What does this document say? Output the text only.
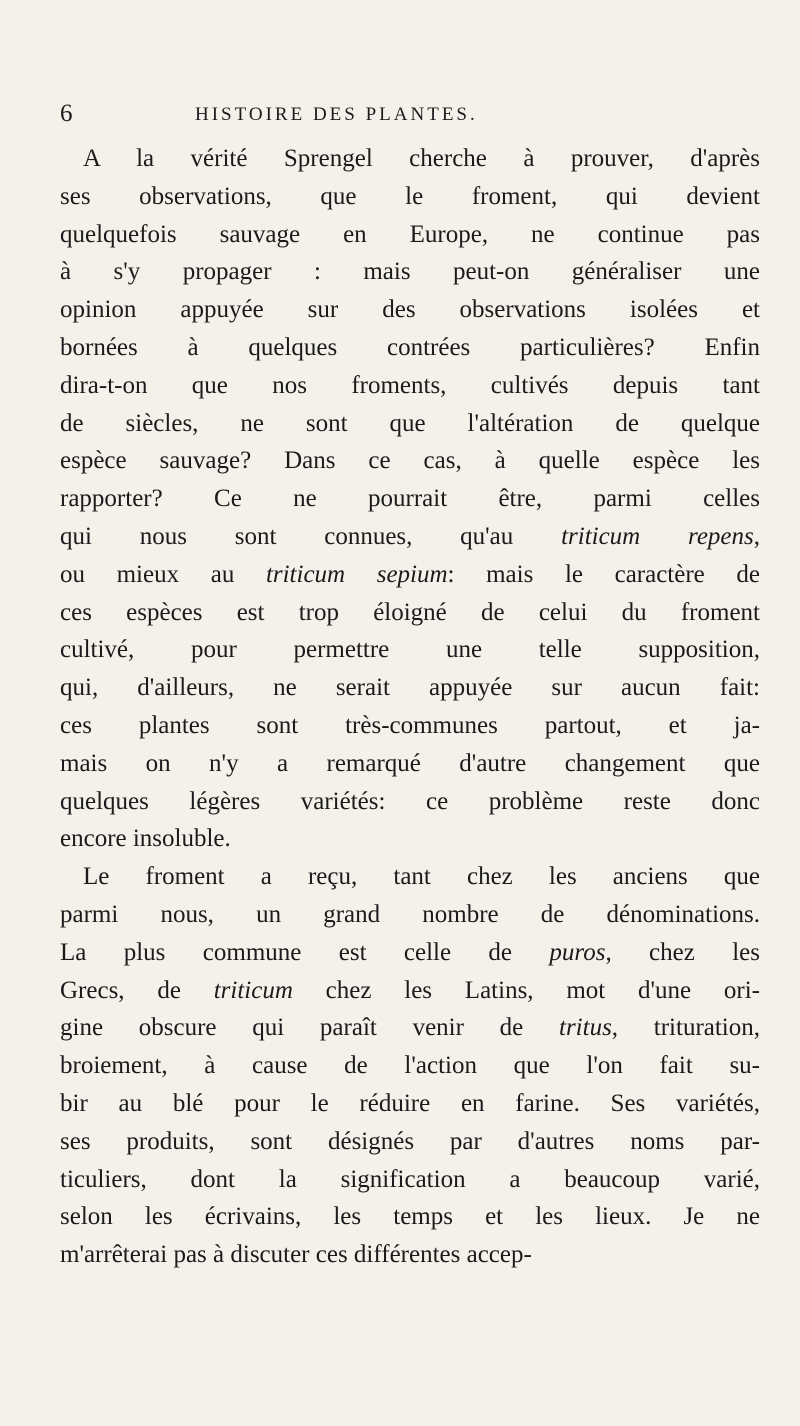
6	HISTOIRE DES PLANTES.
A la vérité Sprengel cherche à prouver, d'après
ses observations, que le froment, qui devient
quelquefois sauvage en Europe, ne continue pas
à s'y propager : mais peut-on généraliser une
opinion appuyée sur des observations isolées et
bornées à quelques contrées particulières? Enfin
dira-t-on que nos froments, cultivés depuis tant
de siècles, ne sont que l'altération de quelque
espèce sauvage? Dans ce cas, à quelle espèce les
rapporter? Ce ne pourrait être, parmi celles
qui nous sont connues, qu'au triticum repens,
ou mieux au triticum sepium: mais le caractère de
ces espèces est trop éloigné de celui du froment
cultivé, pour permettre une telle supposition,
qui, d'ailleurs, ne serait appuyée sur aucun fait:
ces plantes sont très-communes partout, et ja-
mais on n'y a remarqué d'autre changement que
quelques légères variétés: ce problème reste donc
encore insoluble.
Le froment a reçu, tant chez les anciens que
parmi nous, un grand nombre de dénominations.
La plus commune est celle de puros, chez les
Grecs, de triticum chez les Latins, mot d'une ori-
gine obscure qui paraît venir de tritus, trituration,
broiement, à cause de l'action que l'on fait su-
bir au blé pour le réduire en farine. Ses variétés,
ses produits, sont désignés par d'autres noms par-
ticuliers, dont la signification a beaucoup varié,
selon les écrivains, les temps et les lieux. Je ne
m'arrêterai pas à discuter ces différentes accep-
